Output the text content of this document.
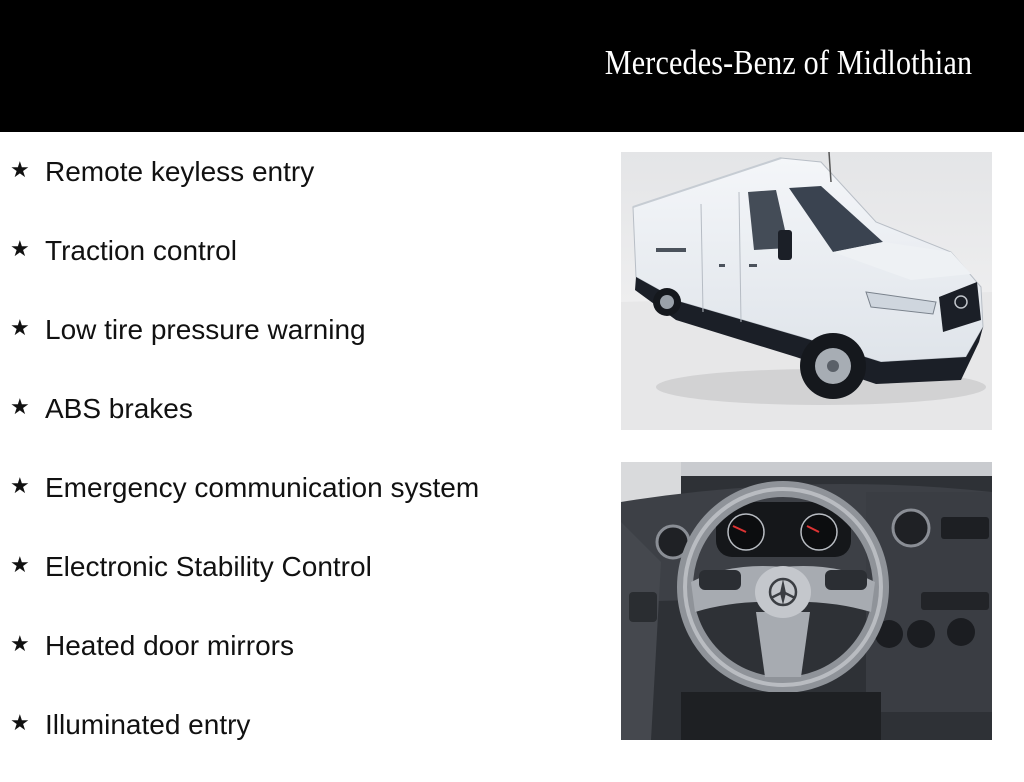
Mercedes-Benz of Midlothian
★ Remote keyless entry
★ Traction control
★ Low tire pressure warning
★ ABS brakes
★ Emergency communication system
★ Electronic Stability Control
★ Heated door mirrors
★ Illuminated entry
